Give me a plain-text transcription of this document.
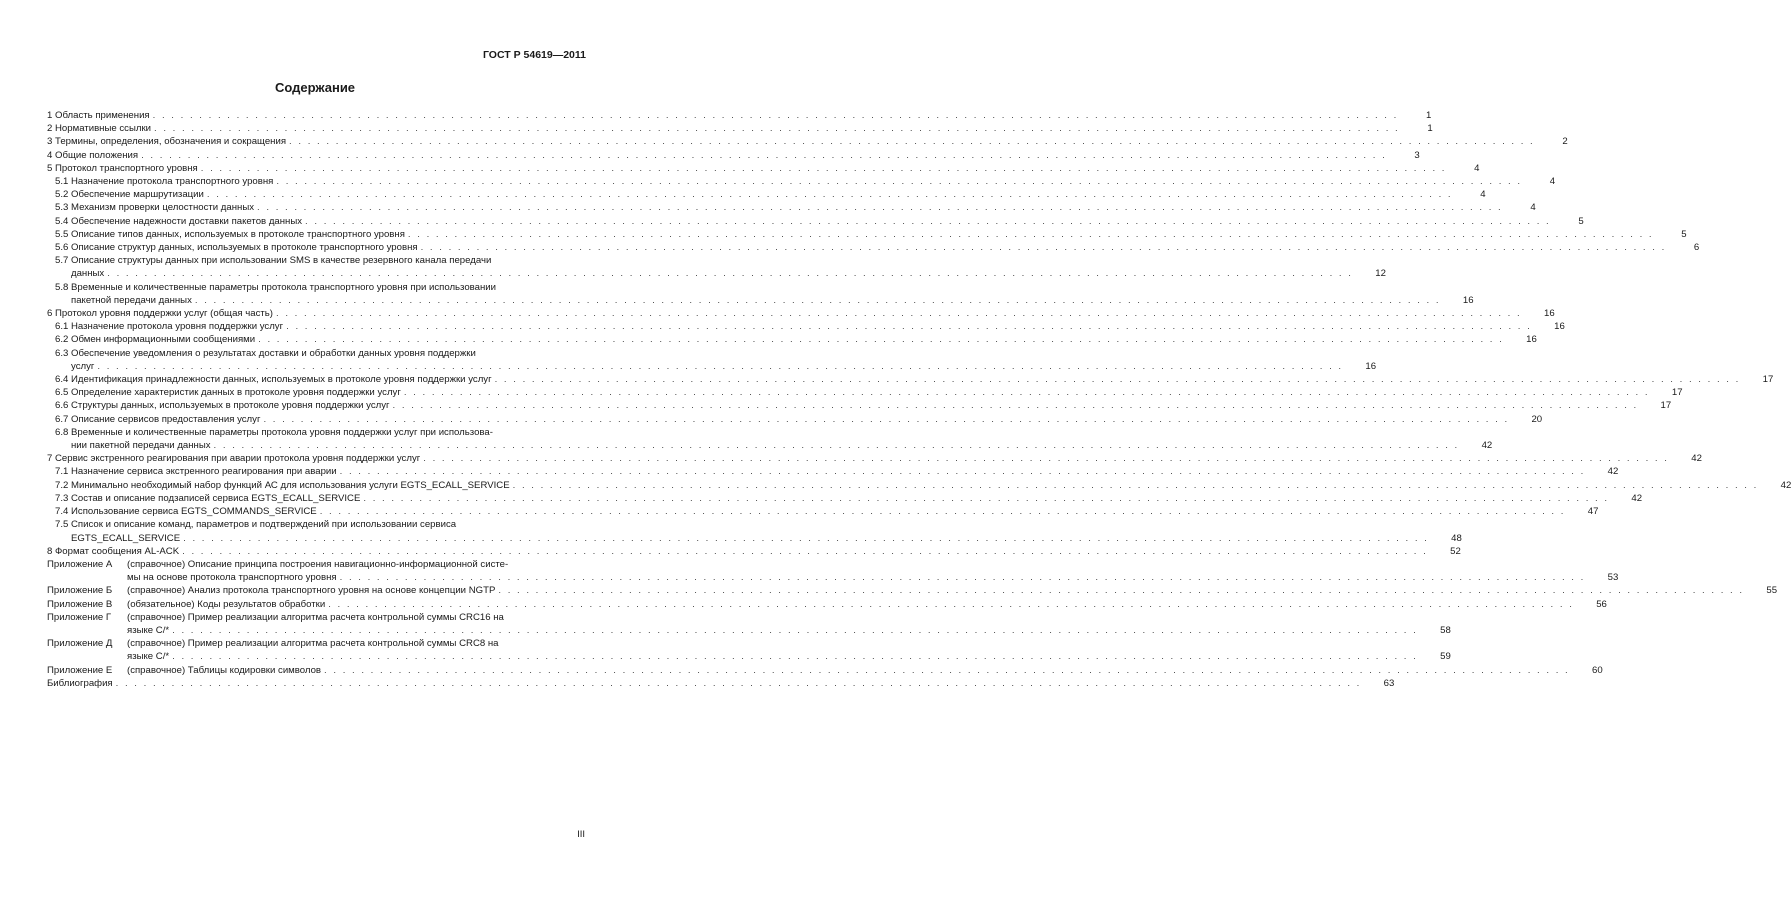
ГОСТ Р 54619—2011
Содержание
1 Область применения . . .	1
2 Нормативные ссылки . . .	1
3 Термины, определения, обозначения и сокращения . . .	2
4 Общие положения . . .	3
5 Протокол транспортного уровня . . .	4
5.1 Назначение протокола транспортного уровня . . .	4
5.2 Обеспечение маршрутизации . . .	4
5.3 Механизм проверки целостности данных . . .	4
5.4 Обеспечение надежности доставки пакетов данных . . .	5
5.5 Описание типов данных, используемых в протоколе транспортного уровня . . .	5
5.6 Описание структур данных, используемых в протоколе транспортного уровня . . .	6
5.7 Описание структуры данных при использовании SMS в качестве резервного канала передачи
данных . . .	12
5.8 Временные и количественные параметры протокола транспортного уровня при использовании
пакетной передачи данных . . .	16
6 Протокол уровня поддержки услуг (общая часть) . . .	16
6.1 Назначение протокола уровня поддержки услуг . . .	16
6.2 Обмен информационными сообщениями . . .	16
6.3 Обеспечение уведомления о результатах доставки и обработки данных уровня поддержки
услуг . . .	16
6.4 Идентификация принадлежности данных, используемых в протоколе уровня поддержки услуг . . .	17
6.5 Определение характеристик данных в протоколе уровня поддержки услуг . . .	17
6.6 Структуры данных, используемых в протоколе уровня поддержки услуг . . .	17
6.7 Описание сервисов предоставления услуг . . .	20
6.8 Временные и количественные параметры протокола уровня поддержки услуг при использова-
нии пакетной передачи данных . . .	42
7 Сервис экстренного реагирования при аварии протокола уровня поддержки услуг . . .	42
7.1 Назначение сервиса экстренного реагирования при аварии . . .	42
7.2 Минимально необходимый набор функций АС для использования услуги EGTS_ECALL_SERVICE . . .	42
7.3 Состав и описание подзаписей сервиса EGTS_ECALL_SERVICE . . .	42
7.4 Использование сервиса EGTS_COMMANDS_SERVICE . . .	47
7.5 Список и описание команд, параметров и подтверждений при использовании сервиса
EGTS_ECALL_SERVICE . . .	48
8 Формат сообщения AL-ACK . . .	52
Приложение А	(справочное) Описание принципа построения навигационно-информационной систе-
мы на основе протокола транспортного уровня . . .	53
Приложение Б	(справочное) Анализ протокола транспортного уровня на основе концепции NGTP . . .	55
Приложение В	(обязательное) Коды результатов обработки . . .	56
Приложение Г	(справочное) Пример реализации алгоритма расчета контрольной суммы CRC16 на
языке C/* . . .	58
Приложение Д	(справочное) Пример реализации алгоритма расчета контрольной суммы CRC8 на
языке C/* . . .	59
Приложение Е	(справочное) Таблицы кодировки символов . . .	60
Библиография . . .	63
III
